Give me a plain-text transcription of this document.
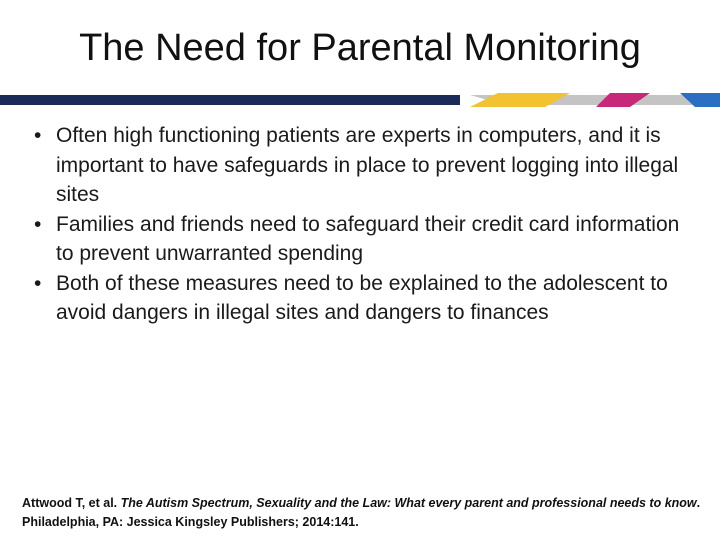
The Need for Parental Monitoring
• Often high functioning patients are experts in computers, and it is important to have safeguards in place to prevent logging into illegal sites
• Families and friends need to safeguard their credit card information to prevent unwarranted spending
• Both of these measures need to be explained to the adolescent to avoid dangers in illegal sites and dangers to finances
Attwood T, et al. The Autism Spectrum, Sexuality and the Law: What every parent and professional needs to know. Philadelphia, PA: Jessica Kingsley Publishers; 2014:141.
